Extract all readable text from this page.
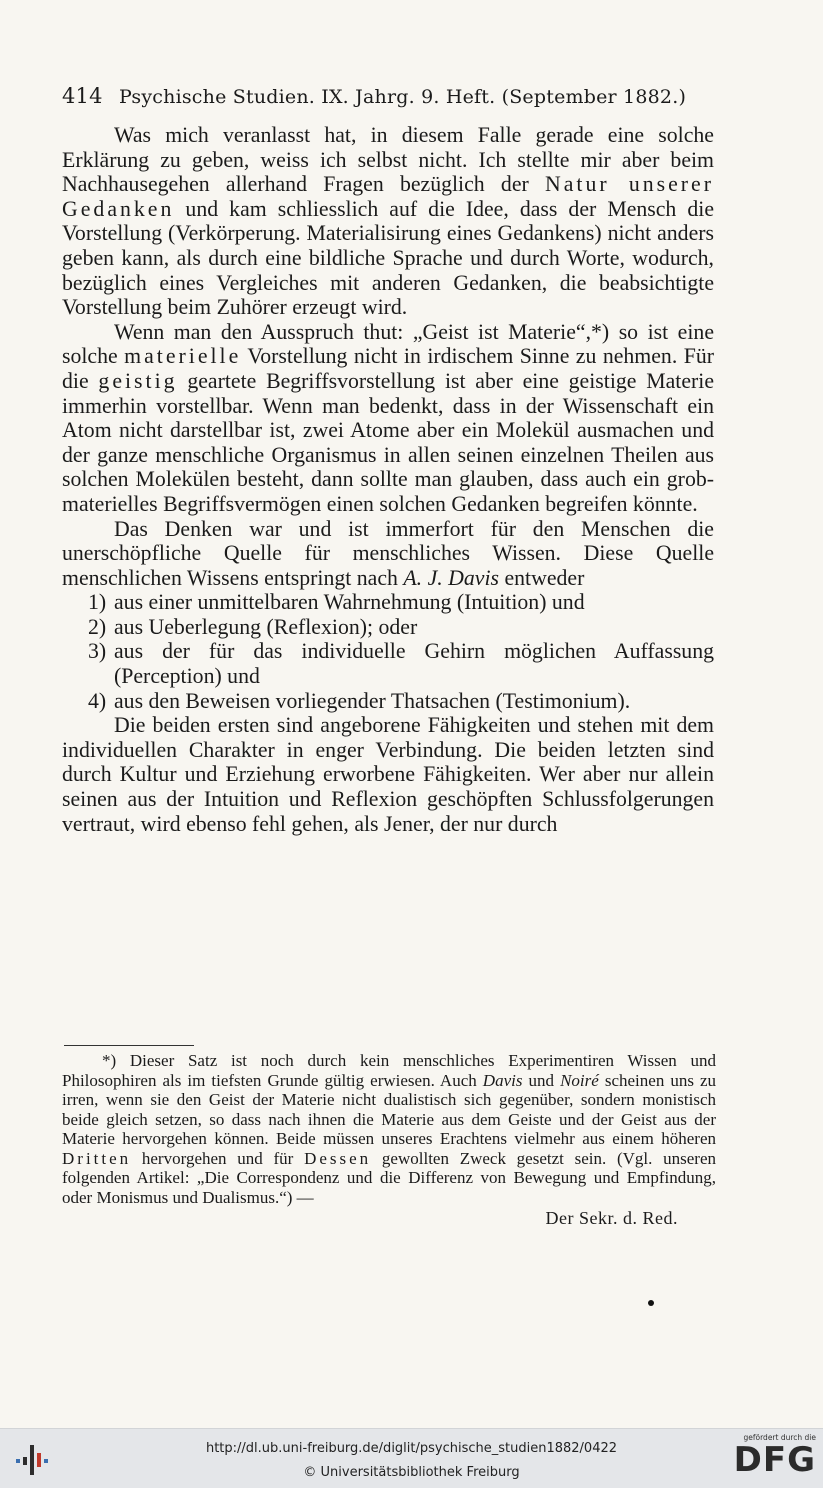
414 Psychische Studien. IX. Jahrg. 9. Heft. (September 1882.)

Was mich veranlasst hat, in diesem Falle gerade eine solche Erklärung zu geben, weiss ich selbst nicht. Ich stellte mir aber beim Nachhausegehen allerhand Fragen bezüglich der Natur unserer Gedanken und kam schliesslich auf die Idee, dass der Mensch die Vorstellung (Verkörperung. Materialisirung eines Gedankens) nicht anders geben kann, als durch eine bildliche Sprache und durch Worte, wodurch, bezüglich eines Vergleiches mit anderen Gedanken, die beabsichtigte Vorstellung beim Zuhörer erzeugt wird.

Wenn man den Ausspruch thut: „Geist ist Materie“,*) so ist eine solche materielle Vorstellung nicht in irdischem Sinne zu nehmen. Für die geistig geartete Begriffsvorstellung ist aber eine geistige Materie immerhin vorstellbar. Wenn man bedenkt, dass in der Wissenschaft ein Atom nicht darstellbar ist, zwei Atome aber ein Molekül ausmachen und der ganze menschliche Organismus in allen seinen einzelnen Theilen aus solchen Molekülen besteht, dann sollte man glauben, dass auch ein grob-materielles Begriffsvermögen einen solchen Gedanken begreifen könnte.

Das Denken war und ist immerfort für den Menschen die unerschöpfliche Quelle für menschliches Wissen. Diese Quelle menschlichen Wissens entspringt nach A. J. Davis entweder

1) aus einer unmittelbaren Wahrnehmung (Intuition) und
2) aus Ueberlegung (Reflexion); oder
3) aus der für das individuelle Gehirn möglichen Auffassung (Perception) und
4) aus den Beweisen vorliegender Thatsachen (Testimonium).

Die beiden ersten sind angeborene Fähigkeiten und stehen mit dem individuellen Charakter in enger Verbindung. Die beiden letzten sind durch Kultur und Erziehung erworbene Fähigkeiten. Wer aber nur allein seinen aus der Intuition und Reflexion geschöpften Schlussfolgerungen vertraut, wird ebenso fehl gehen, als Jener, der nur durch

*) Dieser Satz ist noch durch kein menschliches Experimentiren Wissen und Philosophiren als im tiefsten Grunde gültig erwiesen. Auch Davis und Noiré scheinen uns zu irren, wenn sie den Geist der Materie nicht dualistisch sich gegenüber, sondern monistisch beide gleich setzen, so dass nach ihnen die Materie aus dem Geiste und der Geist aus der Materie hervorgehen können. Beide müssen unseres Erachtens vielmehr aus einem höheren Dritten hervorgehen und für Dessen gewollten Zweck gesetzt sein. (Vgl. unseren folgenden Artikel: „Die Correspondenz und die Differenz von Bewegung und Empfindung, oder Monismus und Dualismus.“) —

Der Sekr. d. Red.

http://dl.ub.uni-freiburg.de/diglit/psychische_studien1882/0422
© Universitätsbibliothek Freiburg
gefördert durch die
DFG
